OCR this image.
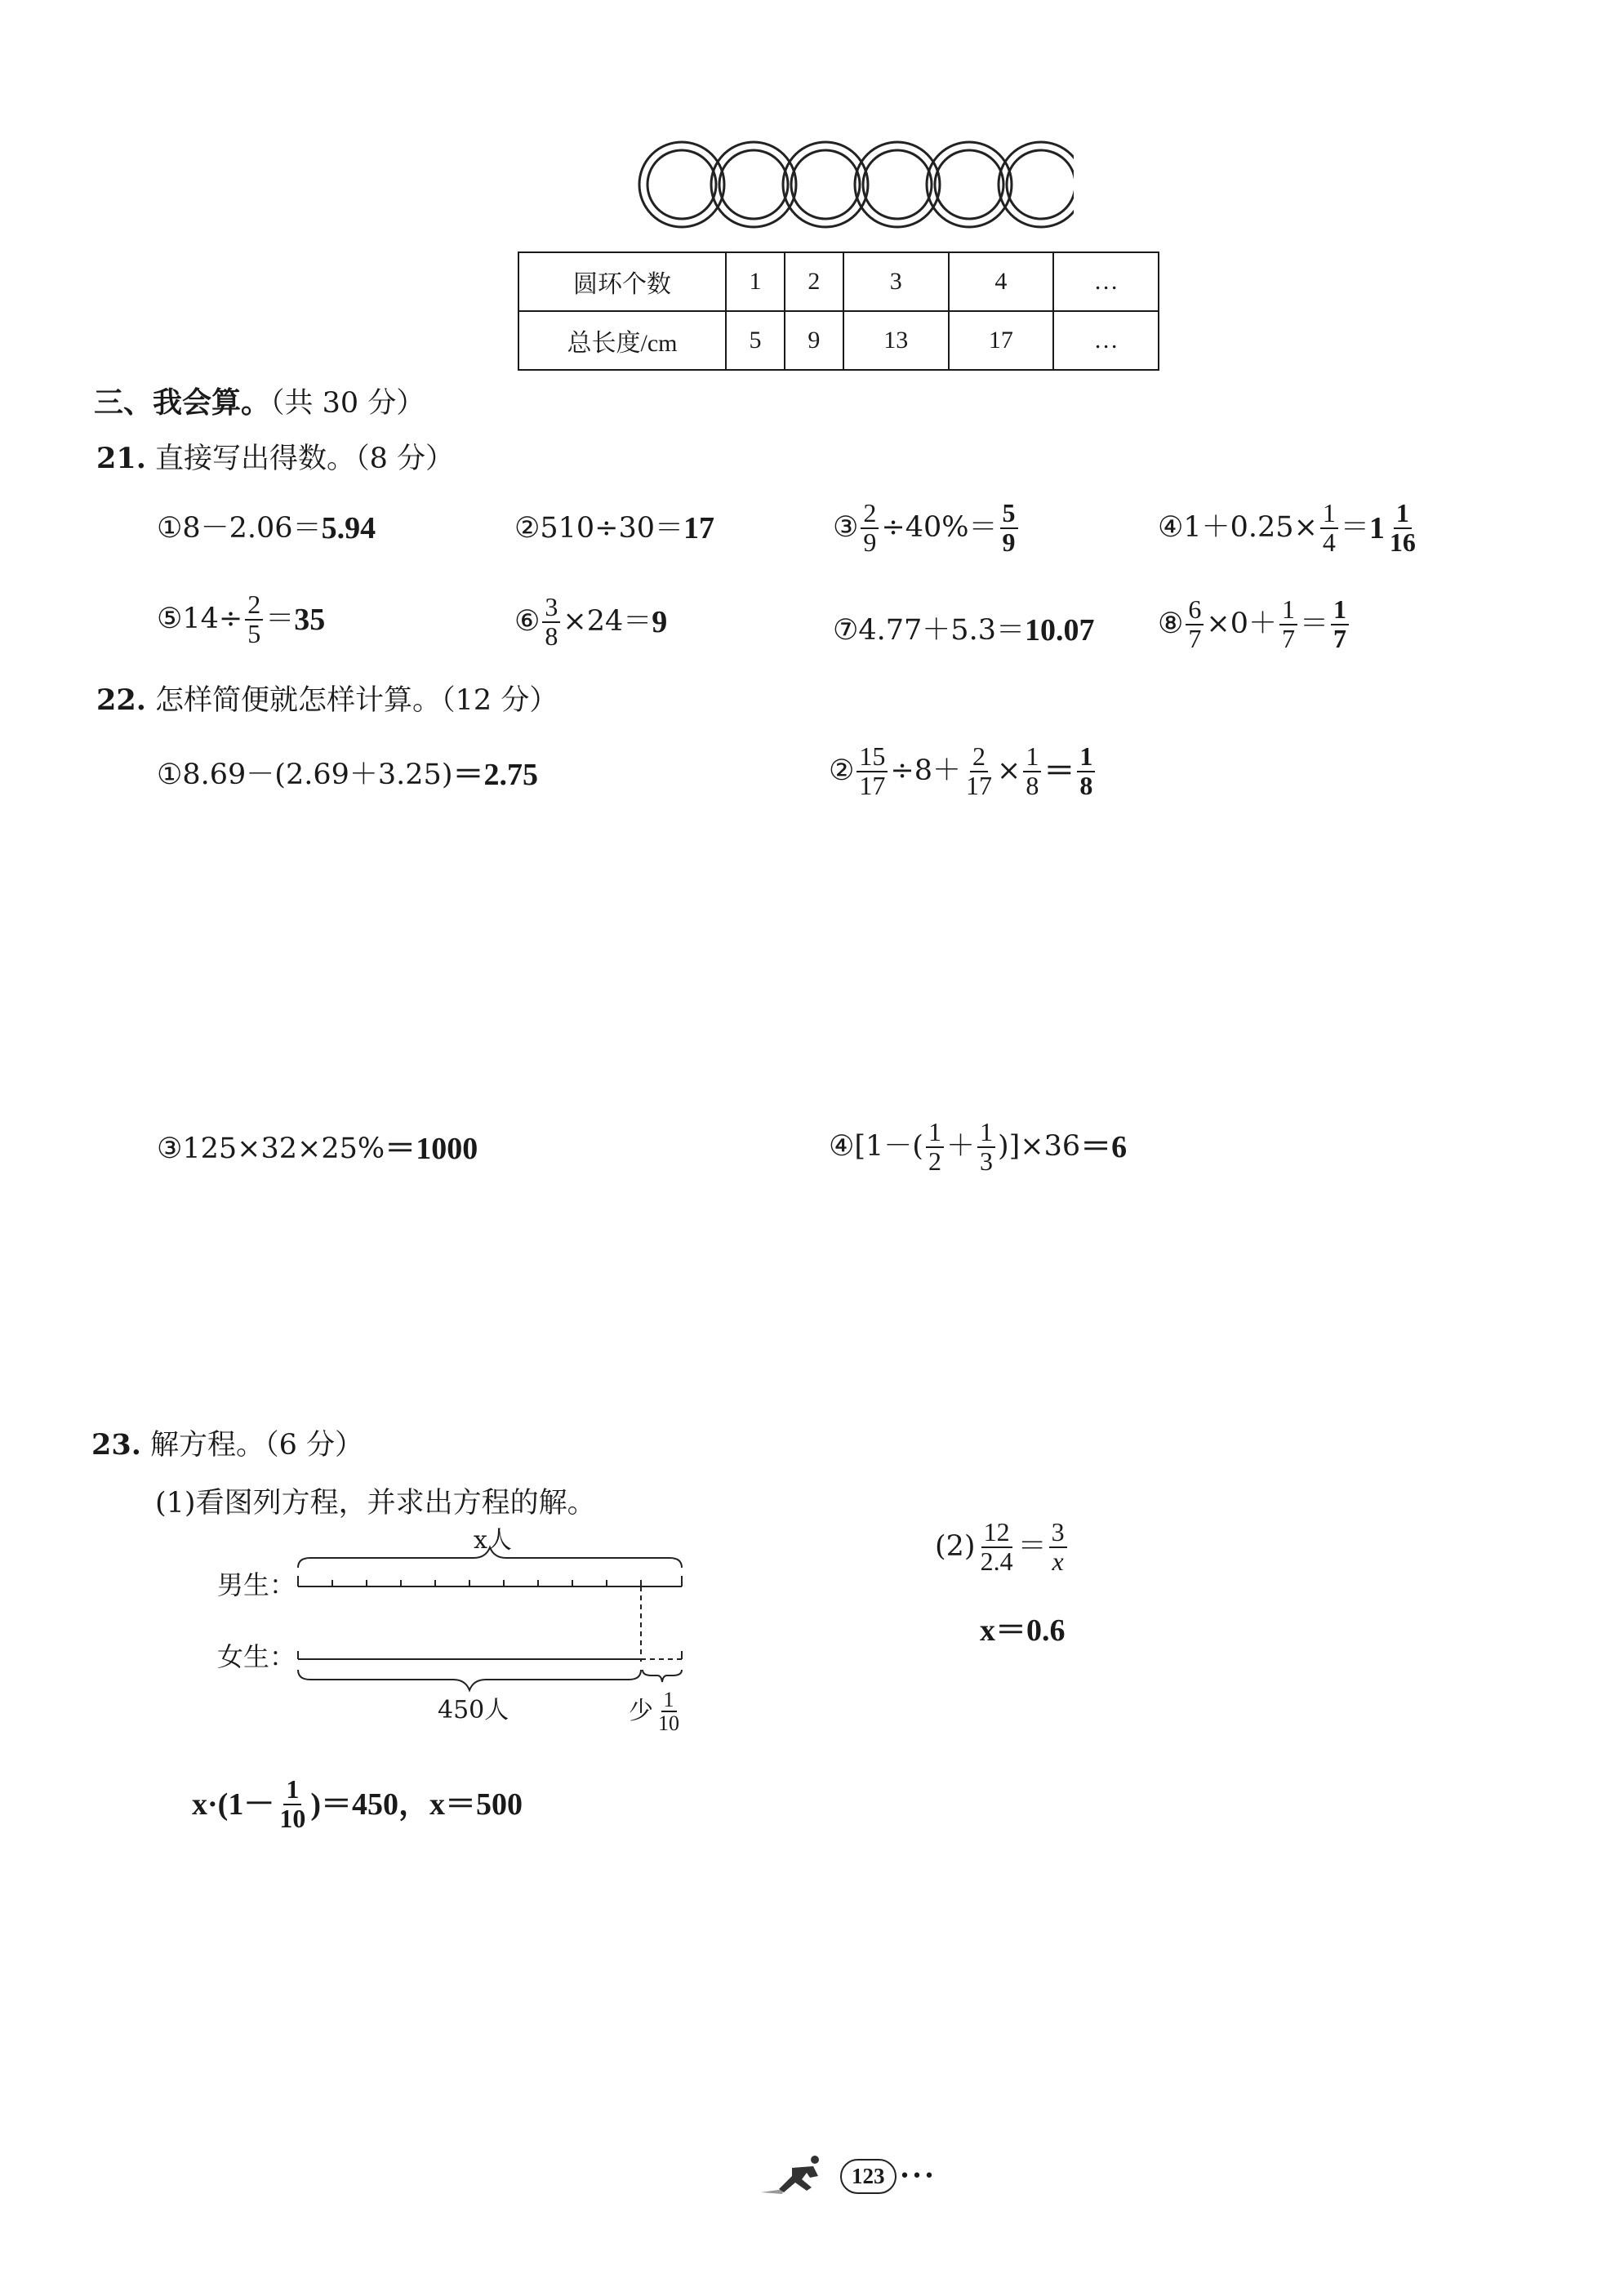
圆环个数	1	2	3	4	…
总长度/cm	5	9	13	17	…
三、我会算。（共 30 分）
21. 直接写出得数。（8 分）
①8－2.06＝ 5.94	②510÷30＝ 17	③ $\frac{2}{9} \div 40\%= \frac{5}{9}$	④1＋0.25× $\frac{1}{4} = 1 \frac{1}{16}$
⑤14÷ $\frac{2}{5} = 35$	⑥ $\frac{3}{8} \times 24= 9$	⑦4.77＋5.3＝ 10.07 ⑧ $\frac{6}{7} \times 0+ \frac{1}{7} = \frac{1}{7}$
22. 怎样简便就怎样计算。（12 分）
①8.69－(2.69＋3.25) ＝ 2.75	② $\frac{15}{17} \div 8+ \frac{2}{17} \times \frac{1}{8} = \frac{1}{8}$
③125×32×25% ＝ 1000	④[1－( $\frac{1}{2} + \frac{1}{3} )]\times 36 = 6$
23. 解方程。（6 分）
(1)看图列方程，并求出方程的解。
x人
男生：
女生：
450人	少 $\frac{1}{10}$
$x\cdot(1- \frac{1}{10} )=450$，x＝500
$(2) \frac{12}{2.4} = \frac{3}{x}$
x＝0.6
123 •••
